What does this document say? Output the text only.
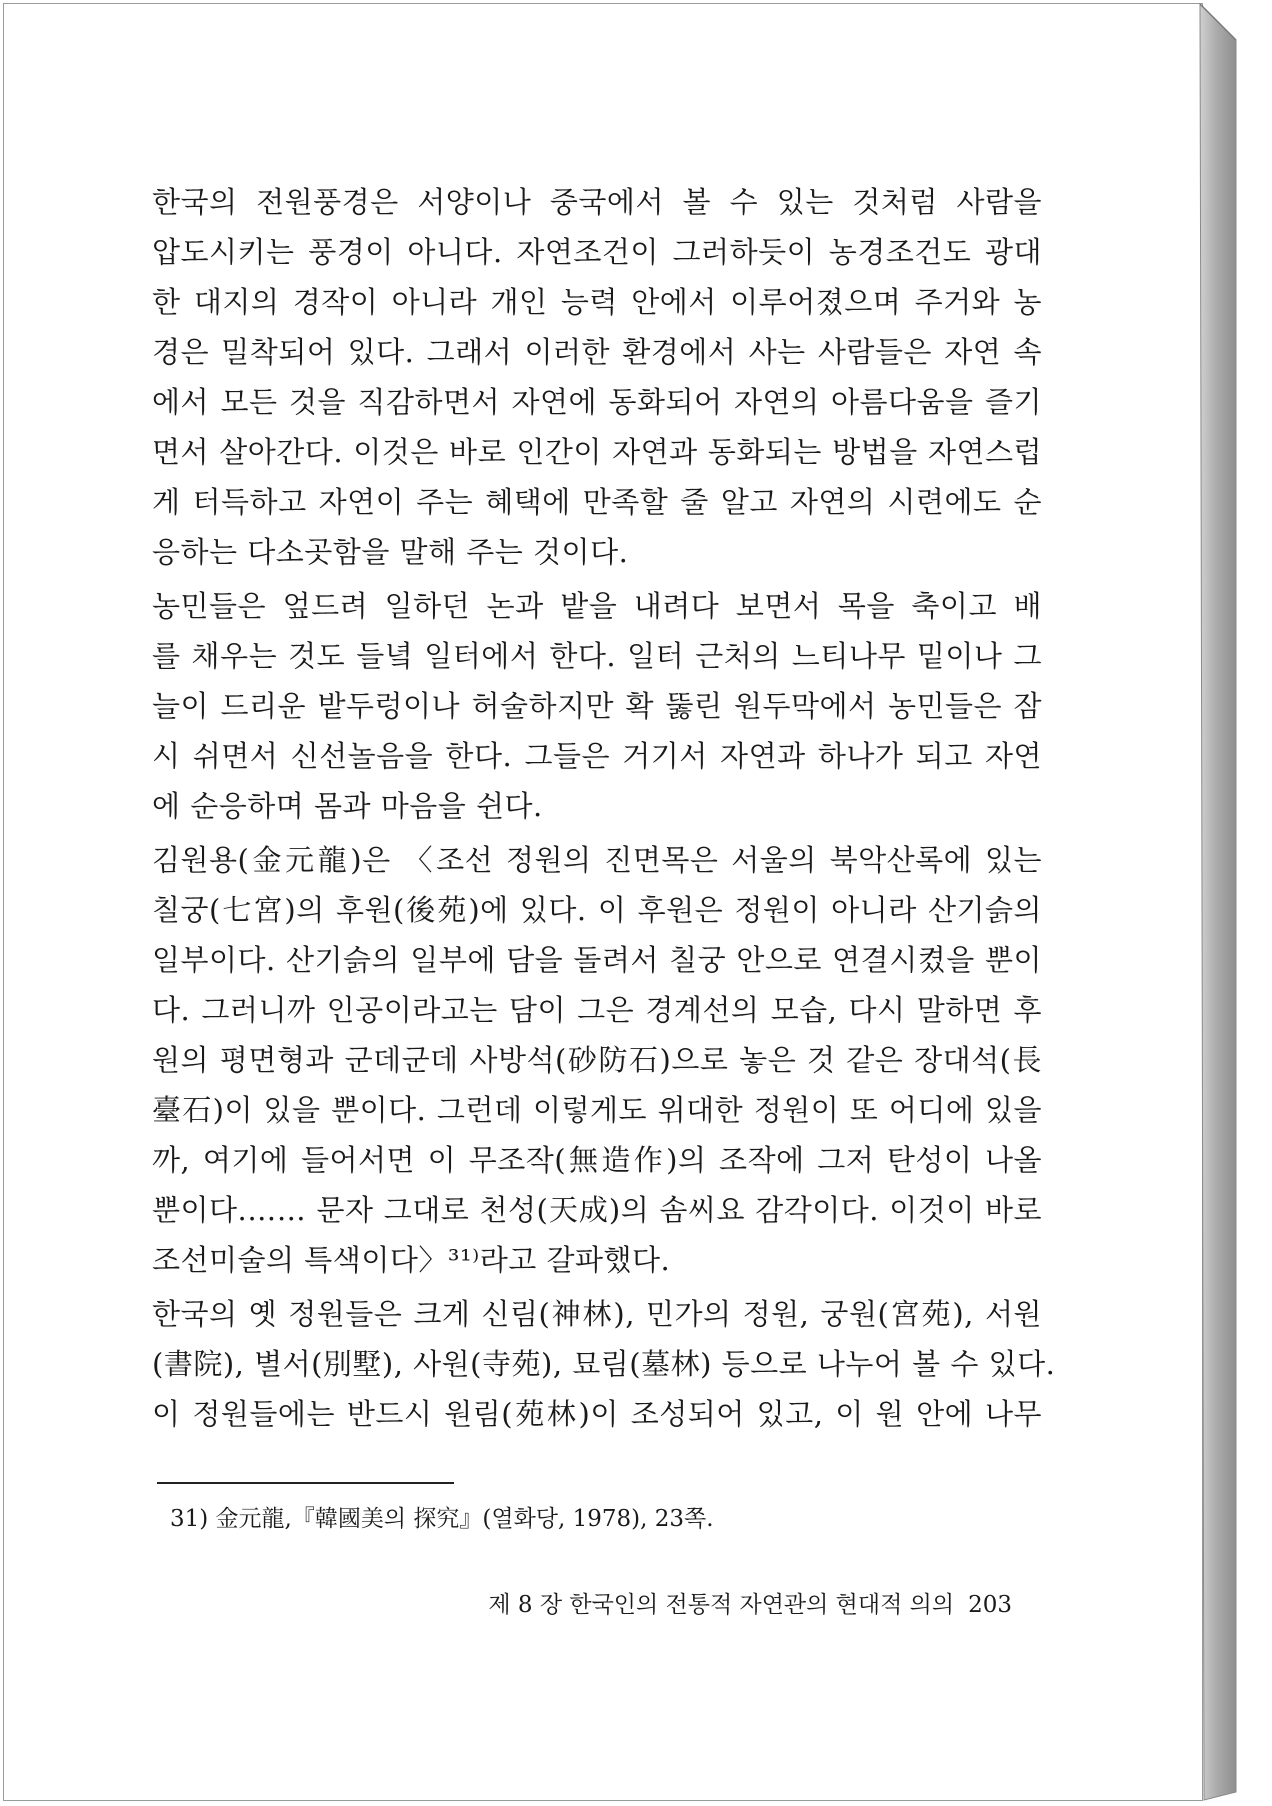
한국의 전원풍경은 서양이나 중국에서 볼 수 있는 것처럼 사람을
압도시키는 풍경이 아니다. 자연조건이 그러하듯이 농경조건도 광대
한 대지의 경작이 아니라 개인 능력 안에서 이루어졌으며 주거와 농
경은 밀착되어 있다. 그래서 이러한 환경에서 사는 사람들은 자연 속
에서 모든 것을 직감하면서 자연에 동화되어 자연의 아름다움을 즐기
면서 살아간다. 이것은 바로 인간이 자연과 동화되는 방법을 자연스럽
게 터득하고 자연이 주는 혜택에 만족할 줄 알고 자연의 시련에도 순
응하는 다소곳함을 말해 주는 것이다.
농민들은 엎드려 일하던 논과 밭을 내려다 보면서 목을 축이고 배
를 채우는 것도 들녘 일터에서 한다. 일터 근처의 느티나무 밑이나 그
늘이 드리운 밭두렁이나 허술하지만 확 뚫린 원두막에서 농민들은 잠
시 쉬면서 신선놀음을 한다. 그들은 거기서 자연과 하나가 되고 자연
에 순응하며 몸과 마음을 쉰다.
김원용(金元龍)은 〈조선 정원의 진면목은 서울의 북악산록에 있는
칠궁(七宮)의 후원(後苑)에 있다. 이 후원은 정원이 아니라 산기슭의
일부이다. 산기슭의 일부에 담을 돌려서 칠궁 안으로 연결시켰을 뿐이
다. 그러니까 인공이라고는 담이 그은 경계선의 모습, 다시 말하면 후
원의 평면형과 군데군데 사방석(砂防石)으로 놓은 것 같은 장대석(長
臺石)이 있을 뿐이다. 그런데 이렇게도 위대한 정원이 또 어디에 있을
까, 여기에 들어서면 이 무조작(無造作)의 조작에 그저 탄성이 나올
뿐이다.…… 문자 그대로 천성(天成)의 솜씨요 감각이다. 이것이 바로
조선미술의 특색이다〉³¹⁾라고 갈파했다.
한국의 옛 정원들은 크게 신림(神林), 민가의 정원, 궁원(宮苑), 서원
(書院), 별서(別墅), 사원(寺苑), 묘림(墓林) 등으로 나누어 볼 수 있다.
이 정원들에는 반드시 원림(苑林)이 조성되어 있고, 이 원 안에 나무
31) 金元龍,『韓國美의 探究』(열화당, 1978), 23쪽.
제 8 장 한국인의 전통적 자연관의 현대적 의의 203
